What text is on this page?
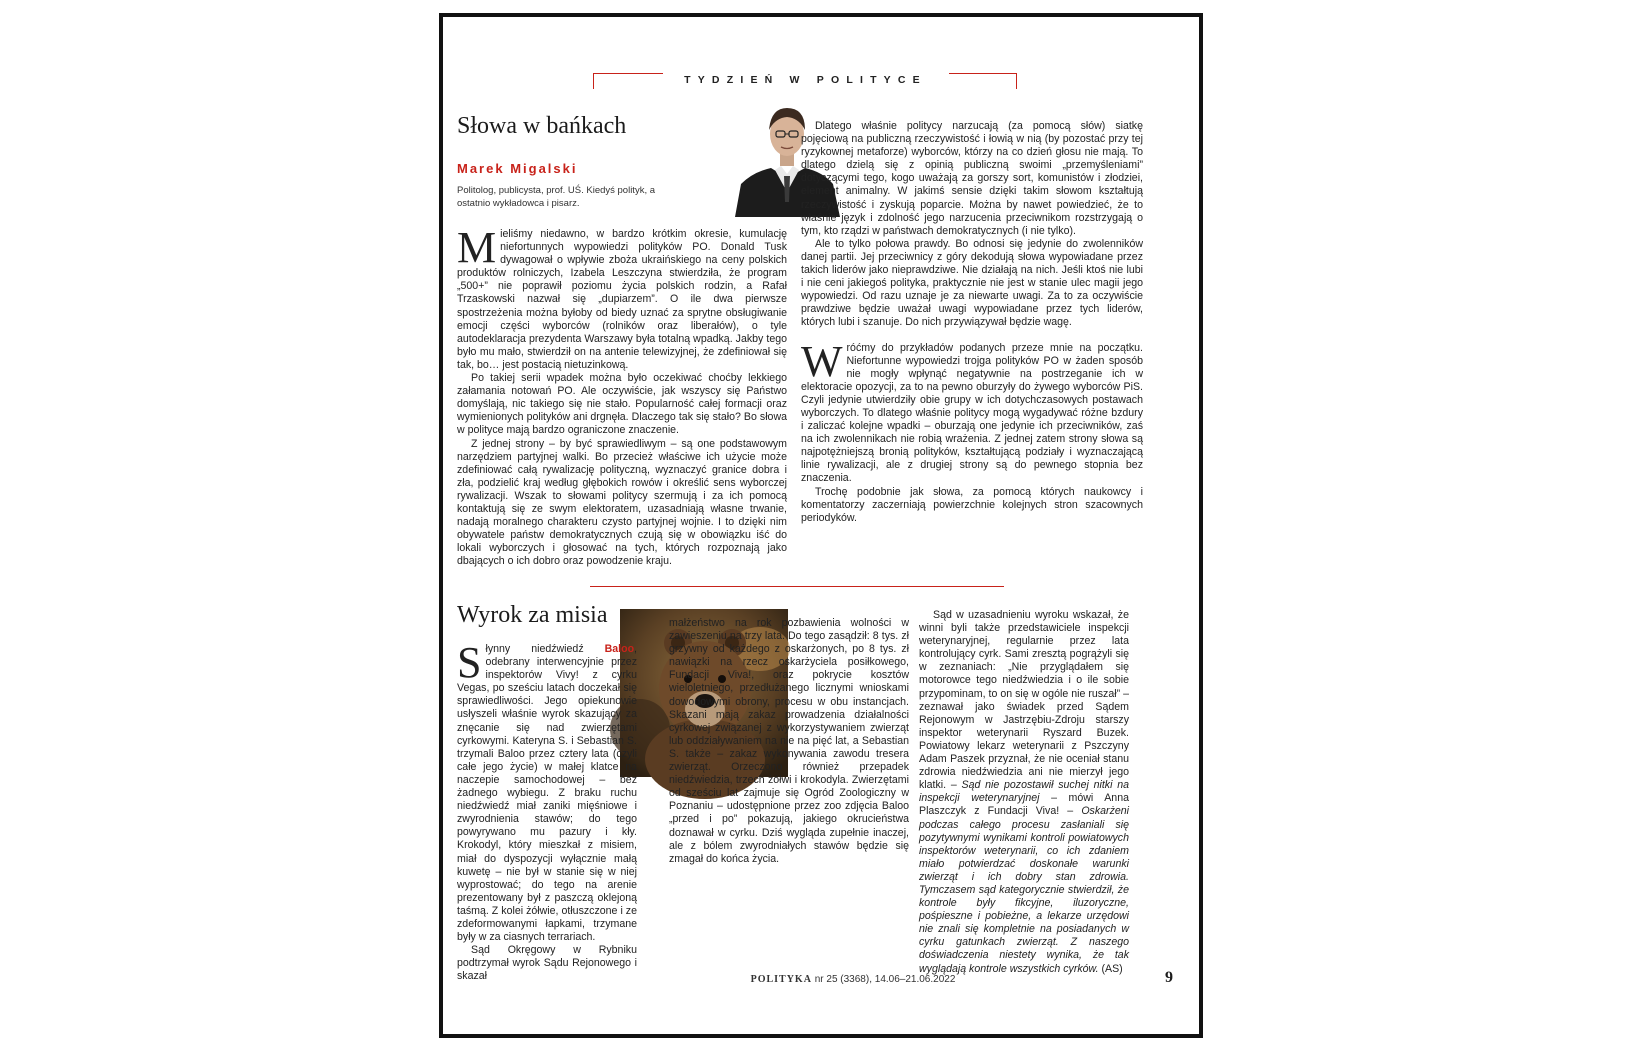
TYDZIEŃ W POLITYCE
Słowa w bańkach
Marek Migalski
Politolog, publicysta, prof. UŚ. Kiedyś polityk, a ostatnio wykładowca i pisarz.

Mieliśmy niedawno, w bardzo krótkim okresie, kumulację niefortunnych wypowiedzi polityków PO. Donald Tusk dywagował o wpływie zboża ukraińskiego na ceny polskich produktów rolniczych, Izabela Leszczyna stwierdziła, że program „500+” nie poprawił poziomu życia polskich rodzin, a Rafał Trzaskowski nazwał się „dupiarzem”. O ile dwa pierwsze spostrzeżenia można byłoby od biedy uznać za sprytne obsługiwanie emocji części wyborców (rolników oraz liberałów), o tyle autodeklaracja prezydenta Warszawy była totalną wpadką. Jakby tego było mu mało, stwierdził on na antenie telewizyjnej, że zdefiniował się tak, bo… jest postacią nietuzinkową.

Po takiej serii wpadek można było oczekiwać choćby lekkiego załamania notowań PO. Ale oczywiście, jak wszyscy się Państwo domyślają, nic takiego się nie stało. Popularność całej formacji oraz wymienionych polityków ani drgnęła. Dlaczego tak się stało? Bo słowa w polityce mają bardzo ograniczone znaczenie.

Z jednej strony – by być sprawiedliwym – są one podstawowym narzędziem partyjnej walki. Bo przecież właściwe ich użycie może zdefiniować całą rywalizację polityczną, wyznaczyć granice dobra i zła, podzielić kraj według głębokich rowów i określić sens wyborczej rywalizacji. Wszak to słowami politycy szermują i za ich pomocą kontaktują się ze swym elektoratem, uzasadniają własne trwanie, nadają moralnego charakteru czysto partyjnej wojnie. I to dzięki nim obywatele państw demokratycznych czują się w obowiązku iść do lokali wyborczych i głosować na tych, których rozpoznają jako dbających o ich dobro oraz powodzenie kraju.

Dlatego właśnie politycy narzucają (za pomocą słów) siatkę pojęciową na publiczną rzeczywistość i łowią w nią (by pozostać przy tej ryzykownej metaforze) wyborców, którzy na co dzień głosu nie mają. To dlatego dzielą się z opinią publiczną swoimi „przemyśleniami” dotyczącymi tego, kogo uważają za gorszy sort, komunistów i złodziei, element animalny. W jakimś sensie dzięki takim słowom kształtują rzeczywistość i zyskują poparcie. Można by nawet powiedzieć, że to właśnie język i zdolność jego narzucenia przeciwnikom rozstrzygają o tym, kto rządzi w państwach demokratycznych (i nie tylko).

Ale to tylko połowa prawdy. Bo odnosi się jedynie do zwolenników danej partii. Jej przeciwnicy z góry dekodują słowa wypowiadane przez takich liderów jako nieprawdziwe. Nie działają na nich. Jeśli ktoś nie lubi i nie ceni jakiegoś polityka, praktycznie nie jest w stanie ulec magii jego wypowiedzi. Od razu uznaje je za niewarte uwagi. Za to za oczywiście prawdziwe będzie uważał uwagi wypowiadane przez tych liderów, których lubi i szanuje. Do nich przywiązywał będzie wagę.

Wróćmy do przykładów podanych przeze mnie na początku. Niefortunne wypowiedzi trojga polityków PO w żaden sposób nie mogły wpłynąć negatywnie na postrzeganie ich w elektoracie opozycji, za to na pewno oburzyły do żywego wyborców PiS. Czyli jedynie utwierdziły obie grupy w ich dotychczasowych postawach wyborczych. To dlatego właśnie politycy mogą wygadywać różne bzdury i zaliczać kolejne wpadki – oburzają one jedynie ich przeciwników, zaś na ich zwolennikach nie robią wrażenia. Z jednej zatem strony słowa są najpotężniejszą bronią polityków, kształtującą podziały i wyznaczającą linie rywalizacji, ale z drugiej strony są do pewnego stopnia bez znaczenia.

Trochę podobnie jak słowa, za pomocą których naukowcy i komentatorzy zaczerniają powierzchnie kolejnych stron szacownych periodyków.

Wyrok za misia

Słynny niedźwiedź Baloo, odebrany interwencyjnie przez inspektorów Vivy! z cyrku Vegas, po sześciu latach doczekał się sprawiedliwości. Jego opiekunowie usłyszeli właśnie wyrok skazujący za znęcanie się nad zwierzętami cyrkowymi. Kateryna S. i Sebastian S. trzymali Baloo przez cztery lata (czyli całe jego życie) w małej klatce na naczepie samochodowej – bez żadnego wybiegu. Z braku ruchu niedźwiedź miał zaniki mięśniowe i zwyrodnienia stawów; do tego powyrywano mu pazury i kły. Krokodyl, który mieszkał z misiem, miał do dyspozycji wyłącznie małą kuwetę – nie był w stanie się w niej wyprostować; do tego na arenie prezentowany był z paszczą oklejoną taśmą. Z kolei żółwie, otłuszczone i ze zdeformowanymi łapkami, trzymane były w za ciasnych terrariach.

Sąd Okręgowy w Rybniku podtrzymał wyrok Sądu Rejonowego i skazał

małżeństwo na rok pozbawienia wolności w zawieszeniu na trzy lata. Do tego zasądził: 8 tys. zł grzywny od każdego z oskarżonych, po 8 tys. zł nawiązki na rzecz oskarżyciela posiłkowego, Fundacji Viva!, oraz pokrycie kosztów wieloletniego, przedłużanego licznymi wnioskami dowodowymi obrony, procesu w obu instancjach. Skazani mają zakaz prowadzenia działalności cyrkowej związanej z wykorzystywaniem zwierząt lub oddziaływaniem na nie na pięć lat, a Sebastian S. także – zakaz wykonywania zawodu tresera zwierząt. Orzeczono również przepadek niedźwiedzia, trzech żółwi i krokodyla. Zwierzętami od sześciu lat zajmuje się Ogród Zoologiczny w Poznaniu – udostępnione przez zoo zdjęcia Baloo „przed i po” pokazują, jakiego okrucieństwa doznawał w cyrku. Dziś wygląda zupełnie inaczej, ale z bólem zwyrodniałych stawów będzie się zmagał do końca życia.

Sąd w uzasadnieniu wyroku wskazał, że winni byli także przedstawiciele inspekcji weterynaryjnej, regularnie przez lata kontrolujący cyrk. Sami zresztą pogrążyli się w zeznaniach: „Nie przyglądałem się motorowce tego niedźwiedzia i o ile sobie przypominam, to on się w ogóle nie ruszał” – zeznawał jako świadek przed Sądem Rejonowym w Jastrzębiu-Zdroju starszy inspektor weterynarii Ryszard Buzek. Powiatowy lekarz weterynarii z Pszczyny Adam Paszek przyznał, że nie oceniał stanu zdrowia niedźwiedzia ani nie mierzył jego klatki. – Sąd nie pozostawił suchej nitki na inspekcji weterynaryjnej – mówi Anna Plaszczyk z Fundacji Viva! – Oskarżeni podczas całego procesu zasłaniali się pozytywnymi wynikami kontroli powiatowych inspektorów weterynarii, co ich zdaniem miało potwierdzać doskonałe warunki zwierząt i ich dobry stan zdrowia. Tymczasem sąd kategorycznie stwierdził, że kontrole były fikcyjne, iluzoryczne, pośpieszne i pobieżne, a lekarze urzędowi nie znali się kompletnie na posiadanych w cyrku gatunkach zwierząt. Z naszego doświadczenia niestety wynika, że tak wyglądają kontrole wszystkich cyrków. (AS)

POLITYKA nr 25 (3368), 14.06–21.06.2022	9
